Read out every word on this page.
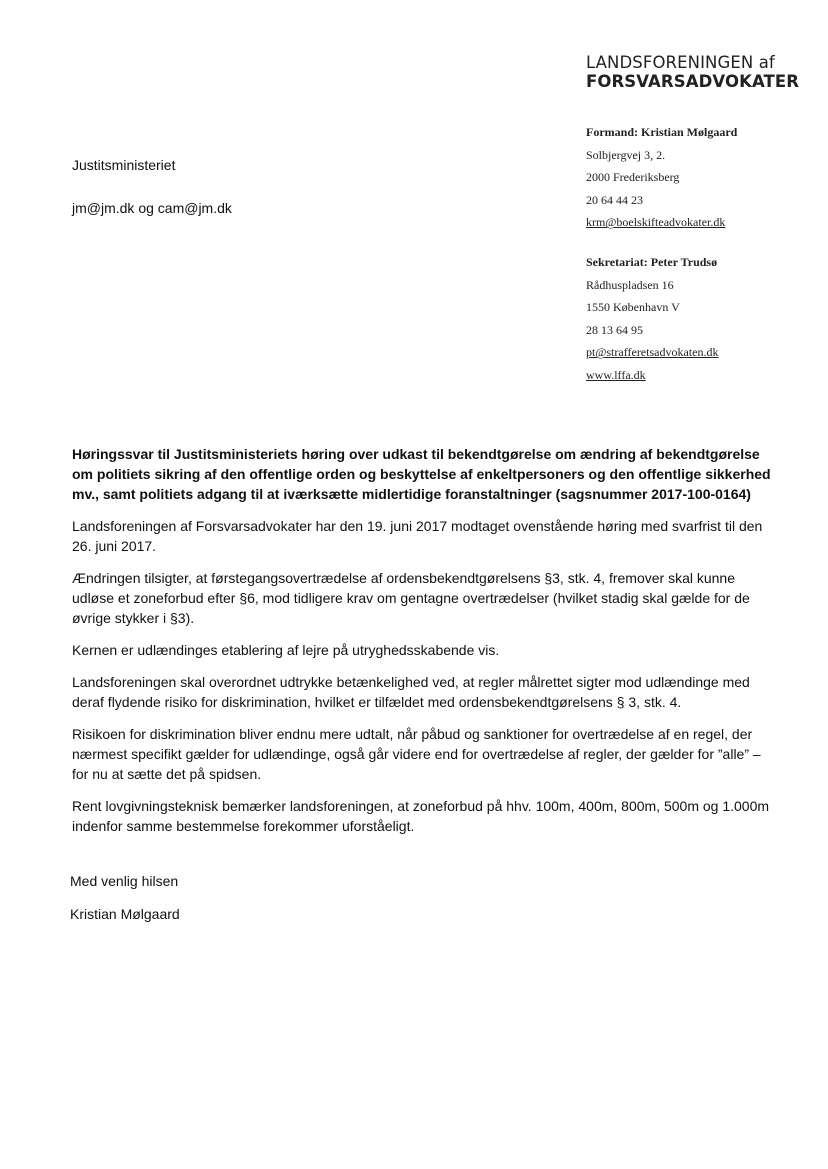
LANDSFORENINGEN af
FORSVARSADVOKATER
Formand: Kristian Mølgaard
Solbjergvej 3, 2.
2000 Frederiksberg
20 64 44 23
krm@boelskifteadvokater.dk
Sekretariat: Peter Trudsø
Rådhuspladsen 16
1550 København V
28 13 64 95
pt@strafferetsadvokaten.dk
www.lffa.dk
Justitsministeriet
jm@jm.dk og cam@jm.dk
Høringssvar til Justitsministeriets høring over udkast til bekendtgørelse om ændring af bekendtgørelse om politiets sikring af den offentlige orden og beskyttelse af enkeltpersoners og den offentlige sikkerhed mv., samt politiets adgang til at iværksætte midlertidige foranstaltninger (sagsnummer 2017-100-0164)

Landsforeningen af Forsvarsadvokater har den 19. juni 2017 modtaget ovenstående høring med svarfrist til den 26. juni 2017.

Ændringen tilsigter, at førstegangsovertrædelse af ordensbekendtgørelsens §3, stk. 4, fremover skal kunne udløse et zoneforbud efter §6, mod tidligere krav om gentagne overtrædelser (hvilket stadig skal gælde for de øvrige stykker i §3).

Kernen er udlændinges etablering af lejre på utryghedsskabende vis.

Landsforeningen skal overordnet udtrykke betænkelighed ved, at regler målrettet sigter mod udlændinge med deraf flydende risiko for diskrimination, hvilket er tilfældet med ordensbekendtgørelsens § 3, stk. 4.

Risikoen for diskrimination bliver endnu mere udtalt, når påbud og sanktioner for overtrædelse af en regel, der nærmest specifikt gælder for udlændinge, også går videre end for overtrædelse af regler, der gælder for ”alle” – for nu at sætte det på spidsen.

Rent lovgivningsteknisk bemærker landsforeningen, at zoneforbud på hhv. 100m, 400m, 800m, 500m og 1.000m indenfor samme bestemmelse forekommer uforståeligt.

Med venlig hilsen
Kristian Mølgaard
